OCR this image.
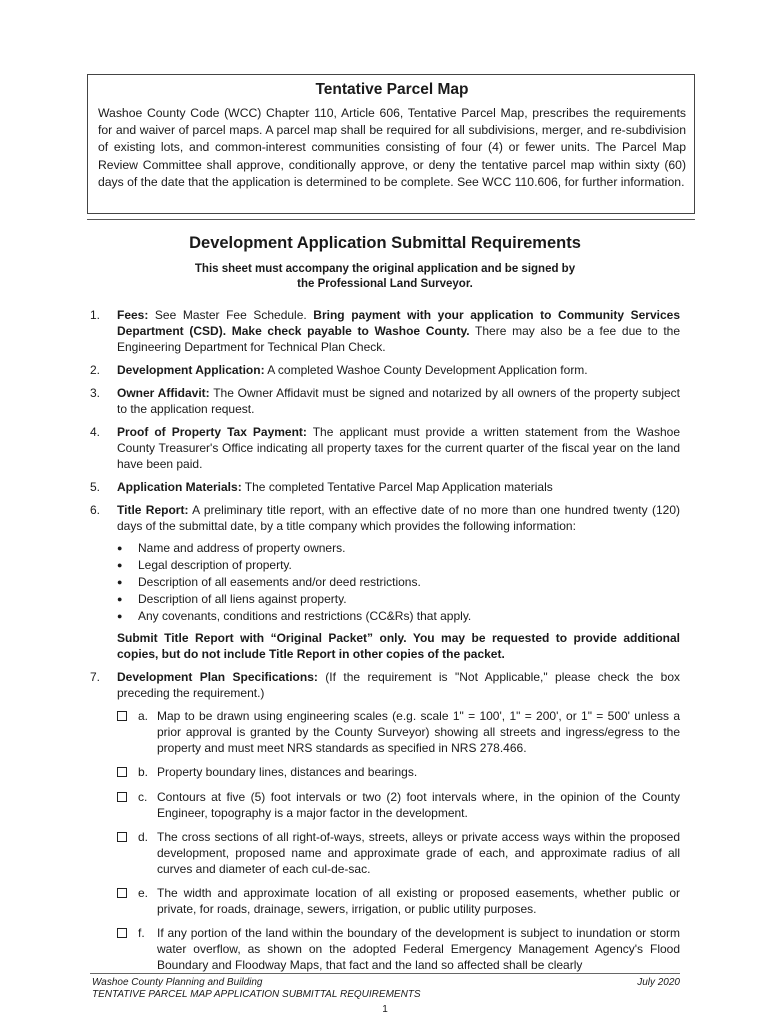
Tentative Parcel Map

Washoe County Code (WCC) Chapter 110, Article 606, Tentative Parcel Map, prescribes the requirements for and waiver of parcel maps. A parcel map shall be required for all subdivisions, merger, and re-subdivision of existing lots, and common-interest communities consisting of four (4) or fewer units. The Parcel Map Review Committee shall approve, conditionally approve, or deny the tentative parcel map within sixty (60) days of the date that the application is determined to be complete. See WCC 110.606, for further information.

Development Application Submittal Requirements
This sheet must accompany the original application and be signed by
the Professional Land Surveyor.
1.	Fees: See Master Fee Schedule. Bring payment with your application to Community Services Department (CSD). Make check payable to Washoe County. There may also be a fee due to the Engineering Department for Technical Plan Check.
2.	Development Application: A completed Washoe County Development Application form.
3.	Owner Affidavit: The Owner Affidavit must be signed and notarized by all owners of the property subject to the application request.
4.	Proof of Property Tax Payment: The applicant must provide a written statement from the Washoe County Treasurer's Office indicating all property taxes for the current quarter of the fiscal year on the land have been paid.
5.	Application Materials: The completed Tentative Parcel Map Application materials
6.	Title Report: A preliminary title report, with an effective date of no more than one hundred twenty (120) days of the submittal date, by a title company which provides the following information:
●	Name and address of property owners.
●	Legal description of property.
●	Description of all easements and/or deed restrictions.
●	Description of all liens against property.
●	Any covenants, conditions and restrictions (CC&Rs) that apply.

Submit Title Report with “Original Packet” only. You may be requested to provide additional copies, but do not include Title Report in other copies of the packet.

7.	Development Plan Specifications: (If the requirement is "Not Applicable," please check the box preceding the requirement.)
a. Map to be drawn using engineering scales (e.g. scale 1" = 100', 1" = 200', or 1" = 500' unless a prior approval is granted by the County Surveyor) showing all streets and ingress/egress to the property and must meet NRS standards as specified in NRS 278.466.
b. Property boundary lines, distances and bearings.
c. Contours at five (5) foot intervals or two (2) foot intervals where, in the opinion of the County Engineer, topography is a major factor in the development.
d. The cross sections of all right-of-ways, streets, alleys or private access ways within the proposed development, proposed name and approximate grade of each, and approximate radius of all curves and diameter of each cul-de-sac.
e. The width and approximate location of all existing or proposed easements, whether public or private, for roads, drainage, sewers, irrigation, or public utility purposes.
f.	If any portion of the land within the boundary of the development is subject to inundation or storm water overflow, as shown on the adopted Federal Emergency Management Agency's Flood Boundary and Floodway Maps, that fact and the land so affected shall be clearly
Washoe County Planning and Building
TENTATIVE PARCEL MAP APPLICATION SUBMITTAL REQUIREMENTS
July 2020
1
